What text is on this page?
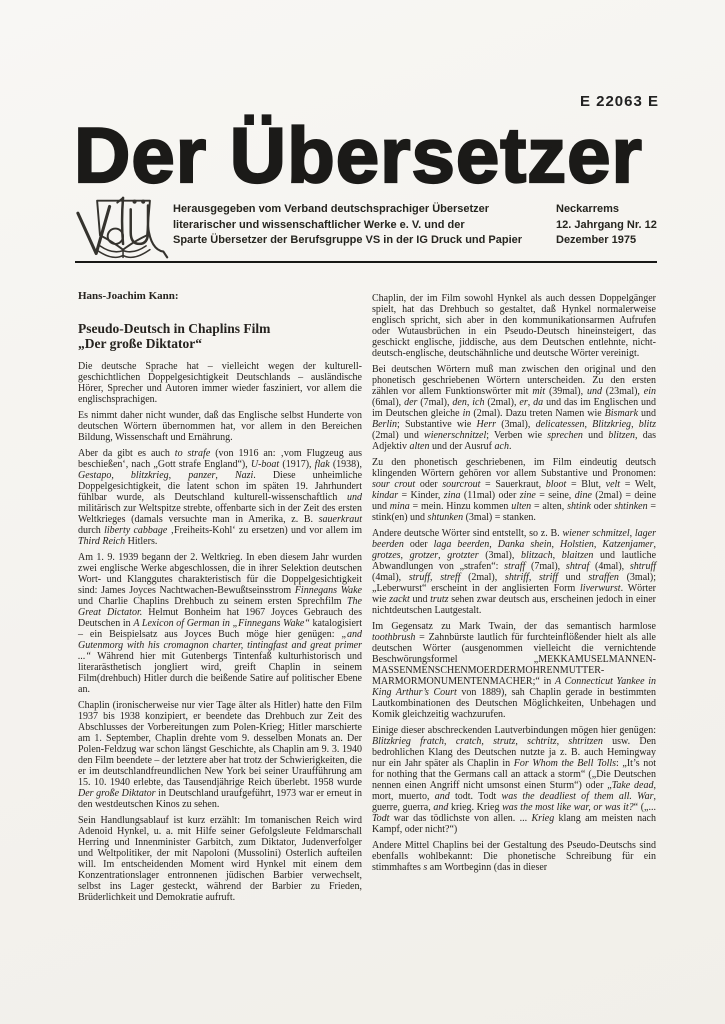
E 22063 E
Der Übersetzer
Herausgegeben vom Verband deutschsprachiger Übersetzer
literarischer und wissenschaftlicher Werke e. V. und der
Sparte Übersetzer der Berufsgruppe VS in der IG Druck und Papier
Neckarrems
12. Jahrgang Nr. 12
Dezember 1975
Hans-Joachim Kann:
Pseudo-Deutsch in Chaplins Film
„Der große Diktator“

Die deutsche Sprache hat – vielleicht wegen der kulturell-geschichtlichen Doppelgesichtigkeit Deutschlands – ausländische Hörer, Sprecher und Autoren immer wieder fasziniert, vor allem die englischsprachigen.

Es nimmt daher nicht wunder, daß das Englische selbst Hunderte von deutschen Wörtern übernommen hat, vor allem in den Bereichen Bildung, Wissenschaft und Ernährung.

Aber da gibt es auch to strafe (von 1916 an: ‚vom Flugzeug aus beschießen‘, nach „Gott strafe England“), U-boat (1917), flak (1938), Gestapo, blitzkrieg, panzer, Nazi. Diese unheimliche Doppelgesichtigkeit, die latent schon im späten 19. Jahrhundert fühlbar wurde, als Deutschland kulturell-wissenschaftlich und militärisch zur Weltspitze strebte, offenbarte sich in der Zeit des ersten Weltkrieges (damals versuchte man in Amerika, z. B. sauerkraut durch liberty cabbage ‚Freiheits-Kohl‘ zu ersetzen) und vor allem im Third Reich Hitlers.

Am 1. 9. 1939 begann der 2. Weltkrieg. In eben diesem Jahr wurden zwei englische Werke abgeschlossen, die in ihrer Selektion deutschen Wort- und Klanggutes charakteristisch für die Doppelgesichtigkeit sind: James Joyces Nachtwachen-Bewußtseinsstrom Finnegans Wake und Charlie Chaplins Drehbuch zu seinem ersten Sprechfilm The Great Dictator. Helmut Bonheim hat 1967 Joyces Gebrauch des Deutschen in A Lexicon of German in „Finnegans Wake“ katalogisiert – ein Beispielsatz aus Joyces Buch möge hier genügen: „and Gutenmorg with his cromagnon charter, tintingfast and great primer ...“ Während hier mit Gutenbergs Tintenfaß kulturhistorisch und literarästhetisch jongliert wird, greift Chaplin in seinem Film(drehbuch) Hitler durch die beißende Satire auf politischer Ebene an.

Chaplin (ironischerweise nur vier Tage älter als Hitler) hatte den Film 1937 bis 1938 konzipiert, er beendete das Drehbuch zur Zeit des Abschlusses der Vorbereitungen zum Polen-Krieg; Hitler marschierte am 1. September, Chaplin drehte vom 9. desselben Monats an. Der Polen-Feldzug war schon längst Geschichte, als Chaplin am 9. 3. 1940 den Film beendete – der letztere aber hat trotz der Schwierigkeiten, die er im deutschlandfreundlichen New York bei seiner Uraufführung am 15. 10. 1940 erlebte, das Tausendjährige Reich überlebt. 1958 wurde Der große Diktator in Deutschland uraufgeführt, 1973 war er erneut in den westdeutschen Kinos zu sehen.

Sein Handlungsablauf ist kurz erzählt: Im tomanischen Reich wird Adenoid Hynkel, u. a. mit Hilfe seiner Gefolgsleute Feldmarschall Herring und Innenminister Garbitch, zum Diktator, Judenverfolger und Weltpolitiker, der mit Napoloni (Mussolini) Osterlich aufteilen will. Im entscheidenden Moment wird Hynkel mit einem dem Konzentrationslager entronnenen jüdischen Barbier verwechselt, selbst ins Lager gesteckt, während der Barbier zu Frieden, Brüderlichkeit und Demokratie aufruft.

Chaplin, der im Film sowohl Hynkel als auch dessen Doppelgänger spielt, hat das Drehbuch so gestaltet, daß Hynkel normalerweise englisch spricht, sich aber in den kommunikationsarmen Aufrufen oder Wutausbrüchen in ein Pseudo-Deutsch hineinsteigert, das geschickt englische, jiddische, aus dem Deutschen entlehnte, nicht-deutsch-englische, deutschähnliche und deutsche Wörter vereinigt.

Bei deutschen Wörtern muß man zwischen den original und den phonetisch geschriebenen Wörtern unterscheiden. Zu den ersten zählen vor allem Funktionswörter mit mit (39mal), und (23mal), ein (6mal), der (7mal), den, ich (2mal), er, da und das im Englischen und im Deutschen gleiche in (2mal). Dazu treten Namen wie Bismark und Berlin; Substantive wie Herr (3mal), delicatessen, Blitzkrieg, blitz (2mal) und wienerschnitzel; Verben wie sprechen und blitzen, das Adjektiv alten und der Ausruf ach.

Zu den phonetisch geschriebenen, im Film eindeutig deutsch klingenden Wörtern gehören vor allem Substantive und Pronomen: sour crout oder sourcrout = Sauerkraut, bloot = Blut, velt = Welt, kindar = Kinder, zina (11mal) oder zine = seine, dine (2mal) = deine und mina = mein. Hinzu kommen ulten = alten, shtink oder shtinken = stink(en) und shtunken (3mal) = stanken.

Andere deutsche Wörter sind entstellt, so z. B. wiener schmitzel, lager beerden oder laga beerden, Danka shein, Holstien, Katzenjamer, grotzes, grotzer, grotzter (3mal), blitzach, blaitzen und lautliche Abwandlungen von „strafen“: straff (7mal), shtraf (4mal), shtruff (4mal), struff, streff (2mal), shtriff, striff und straffen (3mal); „Leberwurst“ erscheint in der anglisierten Form liverwurst. Wörter wie zackt und trutz sehen zwar deutsch aus, erscheinen jedoch in einer nichtdeutschen Lautgestalt.

Im Gegensatz zu Mark Twain, der das semantisch harmlose toothbrush = Zahnbürste lautlich für furchteinflößender hielt als alle deutschen Wörter (ausgenommen vielleicht die vernichtende Beschwörungsformel „MEKKAMUSELMANNEN-MASSENMENSCHENMOERDERMOHRENMUTTER-MARMORMONUMENTENMACHER;“ in A Connecticut Yankee in King Arthur’s Court von 1889), sah Chaplin gerade in bestimmten Lautkombinationen des Deutschen Möglichkeiten, Unbehagen und Komik gleichzeitig wachzurufen.

Einige dieser abschreckenden Lautverbindungen mögen hier genügen: Blitzkrieg fratch, cratch, strutz, schtritz, shtritzen usw. Den bedrohlichen Klang des Deutschen nutzte ja z. B. auch Hemingway nur ein Jahr später als Chaplin in For Whom the Bell Tolls: „It’s not for nothing that the Germans call an attack a storm“ („Die Deutschen nennen einen Angriff nicht umsonst einen Sturm“) oder „Take dead, mort, muerto, and todt. Todt was the deadliest of them all. War, guerre, guerra, and krieg. Krieg was the most like war, or was it?“ („... Todt war das tödlichste von allen. ... Krieg klang am meisten nach Kampf, oder nicht?“)

Andere Mittel Chaplins bei der Gestaltung des Pseudo-Deutschs sind ebenfalls wohlbekannt: Die phonetische Schreibung für ein stimmhaftes s am Wortbeginn (das in dieser
